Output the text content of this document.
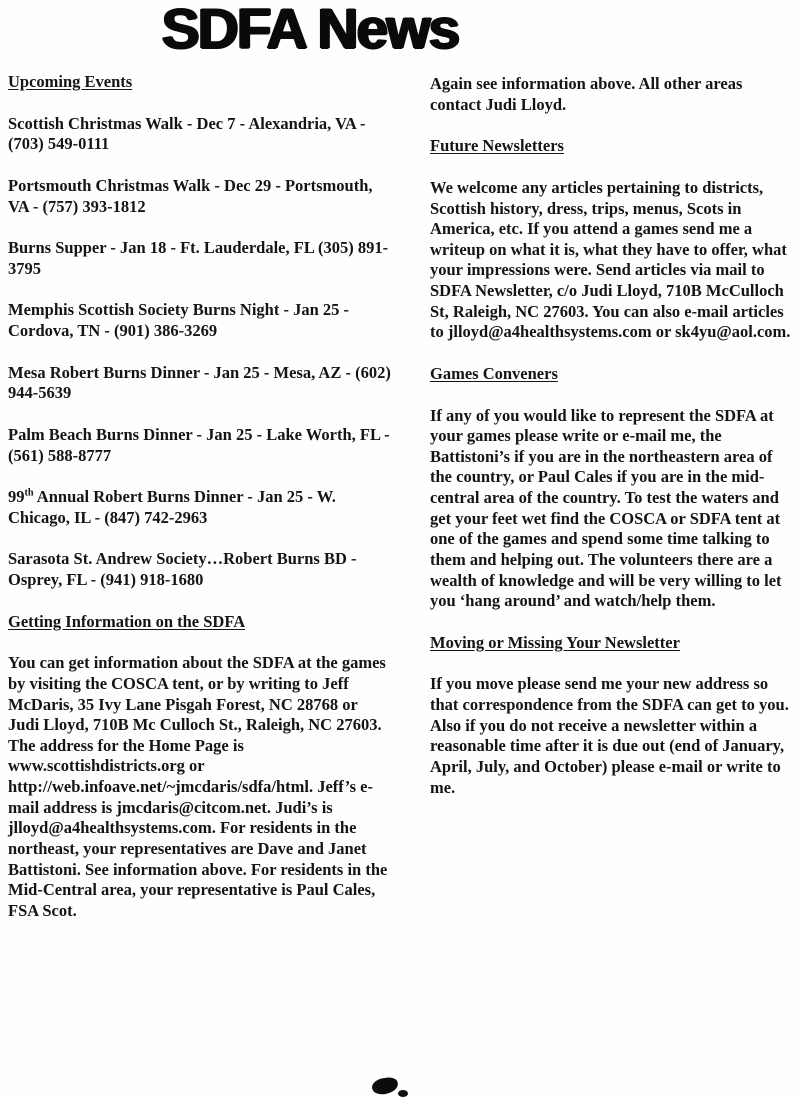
SDFA News
Upcoming Events

Scottish Christmas Walk - Dec 7 - Alexandria, VA - (703) 549-0111

Portsmouth Christmas Walk - Dec 29 - Portsmouth, VA - (757) 393-1812

Burns Supper - Jan 18 - Ft. Lauderdale, FL (305) 891-3795

Memphis Scottish Society Burns Night - Jan 25 - Cordova, TN - (901) 386-3269

Mesa Robert Burns Dinner - Jan 25 - Mesa, AZ - (602) 944-5639

Palm Beach Burns Dinner - Jan 25 - Lake Worth, FL - (561) 588-8777

99th Annual Robert Burns Dinner - Jan 25 - W. Chicago, IL - (847) 742-2963

Sarasota St. Andrew Society…Robert Burns BD - Osprey, FL - (941) 918-1680

Getting Information on the SDFA

You can get information about the SDFA at the games by visiting the COSCA tent, or by writing to Jeff McDaris, 35 Ivy Lane Pisgah Forest, NC 28768 or Judi Lloyd, 710B Mc Culloch St., Raleigh, NC 27603. The address for the Home Page is www.scottishdistricts.org or http://web.infoave.net/~jmcdaris/sdfa/html. Jeff’s e-mail address is jmcdaris@citcom.net. Judi’s is jlloyd@a4healthsystems.com. For residents in the northeast, your representatives are Dave and Janet Battistoni. See information above. For residents in the Mid-Central area, your representative is Paul Cales, FSA Scot.

Again see information above. All other areas contact Judi Lloyd.

Future Newsletters

We welcome any articles pertaining to districts, Scottish history, dress, trips, menus, Scots in America, etc. If you attend a games send me a writeup on what it is, what they have to offer, what your impressions were. Send articles via mail to SDFA Newsletter, c/o Judi Lloyd, 710B McCulloch St, Raleigh, NC 27603. You can also e-mail articles to jlloyd@a4healthsystems.com or sk4yu@aol.com.

Games Conveners

If any of you would like to represent the SDFA at your games please write or e-mail me, the Battistoni’s if you are in the northeastern area of the country, or Paul Cales if you are in the mid-central area of the country. To test the waters and get your feet wet find the COSCA or SDFA tent at one of the games and spend some time talking to them and helping out. The volunteers there are a wealth of knowledge and will be very willing to let you ‘hang around’ and watch/help them.

Moving or Missing Your Newsletter

If you move please send me your new address so that correspondence from the SDFA can get to you. Also if you do not receive a newsletter within a reasonable time after it is due out (end of January, April, July, and October) please e-mail or write to me.
